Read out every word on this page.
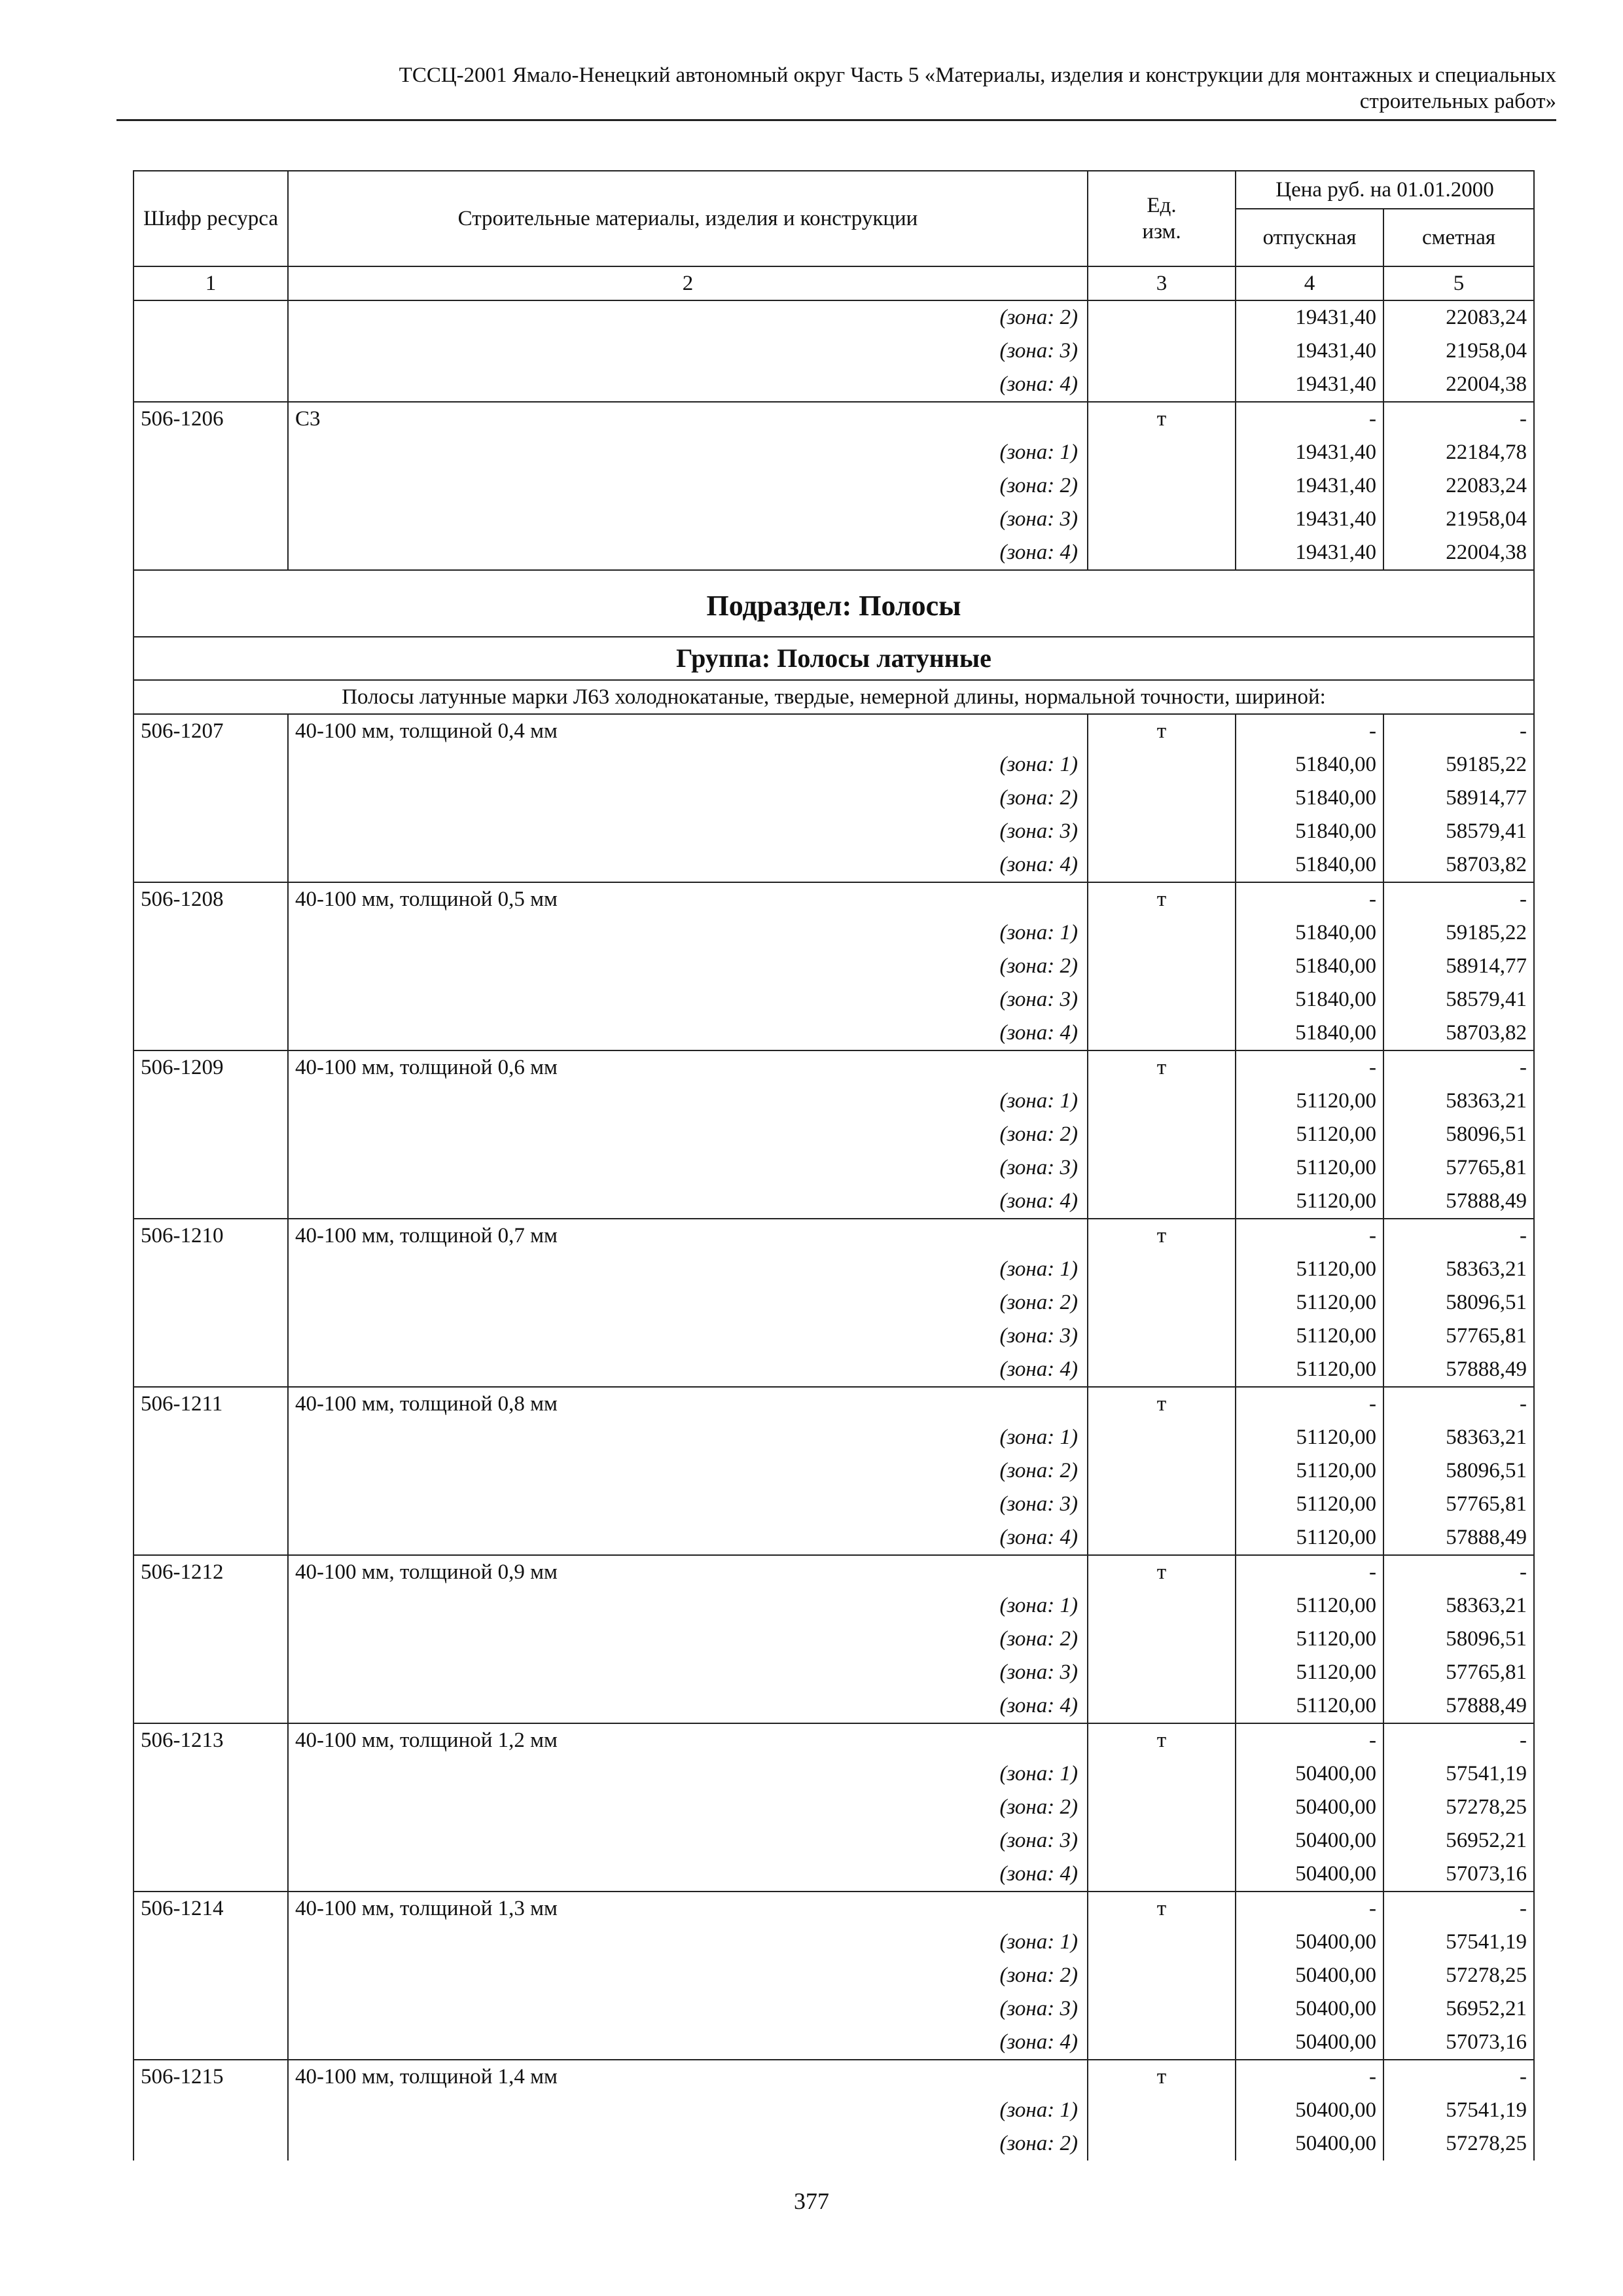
ТССЦ-2001 Ямало-Ненецкий автономный округ Часть 5 «Материалы, изделия и конструкции для монтажных и специальных
строительных работ»
Шифр ресурса	Строительные материалы, изделия и конструкции	Ед. изм.	Цена руб. на 01.01.2000	
			отпускная	сметная
1	2	3	4	5
	(зона: 2)		19431,40	22083,24
	(зона: 3)		19431,40	21958,04
	(зона: 4)		19431,40	22004,38
506-1206	С3	т	-	-
	(зона: 1)		19431,40	22184,78
	(зона: 2)		19431,40	22083,24
	(зона: 3)		19431,40	21958,04
	(зона: 4)		19431,40	22004,38
Подраздел: Полосы				
Группа: Полосы латунные				
Полосы латунные марки Л63 холоднокатаные, твердые, немерной длины, нормальной точности, шириной:				
506-1207	40-100 мм, толщиной 0,4 мм	т	-	-
	(зона: 1)		51840,00	59185,22
	(зона: 2)		51840,00	58914,77
	(зона: 3)		51840,00	58579,41
	(зона: 4)		51840,00	58703,82
506-1208	40-100 мм, толщиной 0,5 мм	т	-	-
	(зона: 1)		51840,00	59185,22
	(зона: 2)		51840,00	58914,77
	(зона: 3)		51840,00	58579,41
	(зона: 4)		51840,00	58703,82
506-1209	40-100 мм, толщиной 0,6 мм	т	-	-
	(зона: 1)		51120,00	58363,21
	(зона: 2)		51120,00	58096,51
	(зона: 3)		51120,00	57765,81
	(зона: 4)		51120,00	57888,49
506-1210	40-100 мм, толщиной 0,7 мм	т	-	-
	(зона: 1)		51120,00	58363,21
	(зона: 2)		51120,00	58096,51
	(зона: 3)		51120,00	57765,81
	(зона: 4)		51120,00	57888,49
506-1211	40-100 мм, толщиной 0,8 мм	т	-	-
	(зона: 1)		51120,00	58363,21
	(зона: 2)		51120,00	58096,51
	(зона: 3)		51120,00	57765,81
	(зона: 4)		51120,00	57888,49
506-1212	40-100 мм, толщиной 0,9 мм	т	-	-
	(зона: 1)		51120,00	58363,21
	(зона: 2)		51120,00	58096,51
	(зона: 3)		51120,00	57765,81
	(зона: 4)		51120,00	57888,49
506-1213	40-100 мм, толщиной 1,2 мм	т	-	-
	(зона: 1)		50400,00	57541,19
	(зона: 2)		50400,00	57278,25
	(зона: 3)		50400,00	56952,21
	(зона: 4)		50400,00	57073,16
506-1214	40-100 мм, толщиной 1,3 мм	т	-	-
	(зона: 1)		50400,00	57541,19
	(зона: 2)		50400,00	57278,25
	(зона: 3)		50400,00	56952,21
	(зона: 4)		50400,00	57073,16
506-1215	40-100 мм, толщиной 1,4 мм	т	-	-
	(зона: 1)		50400,00	57541,19
	(зона: 2)		50400,00	57278,25
377
